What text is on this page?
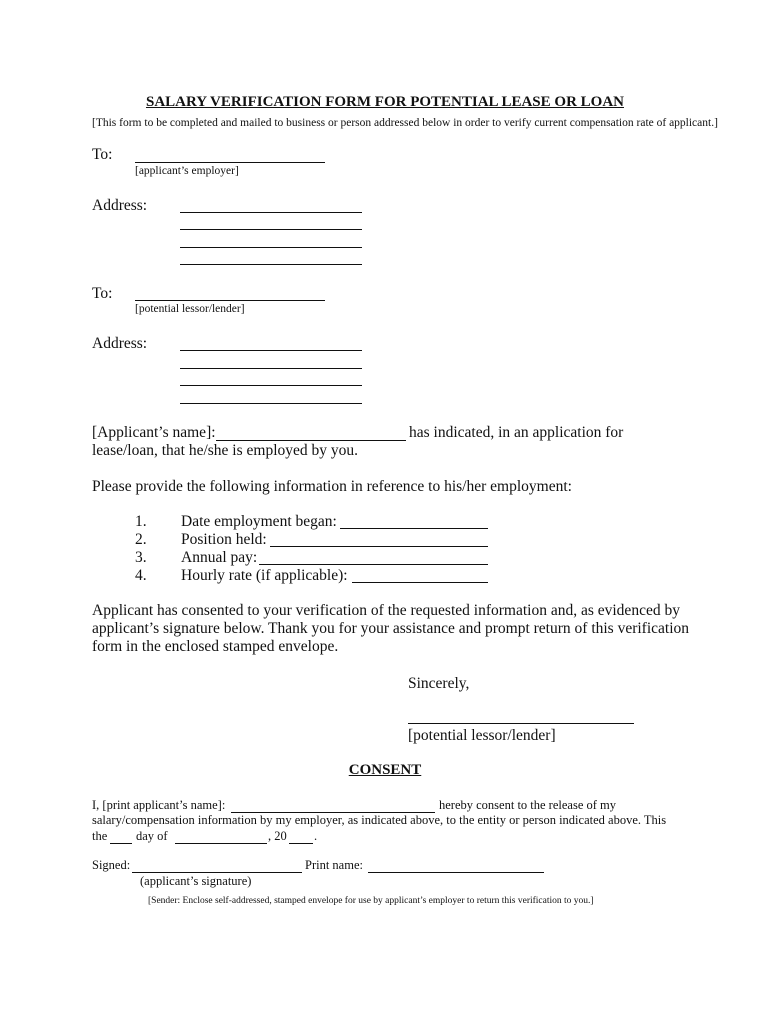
SALARY VERIFICATION FORM FOR POTENTIAL LEASE OR LOAN
[This form to be completed and mailed to business or person addressed below in order to verify current compensation rate of applicant.]
To:
[applicant’s employer]
Address:
To:
[potential lessor/lender]
Address:
[Applicant’s name]:	has indicated, in an application for
lease/loan, that he/she is employed by you.
Please provide the following information in reference to his/her employment:
1. Date employment began:
2. Position held:
3. Annual pay:
4. Hourly rate (if applicable):
Applicant has consented to your verification of the requested information and, as evidenced by
applicant’s signature below. Thank you for your assistance and prompt return of this verification
form in the enclosed stamped envelope.
Sincerely,
[potential lessor/lender]
CONSENT
I, [print applicant’s name]:	hereby consent to the release of my
salary/compensation information by my employer, as indicated above, to the entity or person indicated above. This
the day of	, 20 .
Signed:	Print name:
(applicant’s signature)
[Sender: Enclose self-addressed, stamped envelope for use by applicant’s employer to return this verification to you.]
